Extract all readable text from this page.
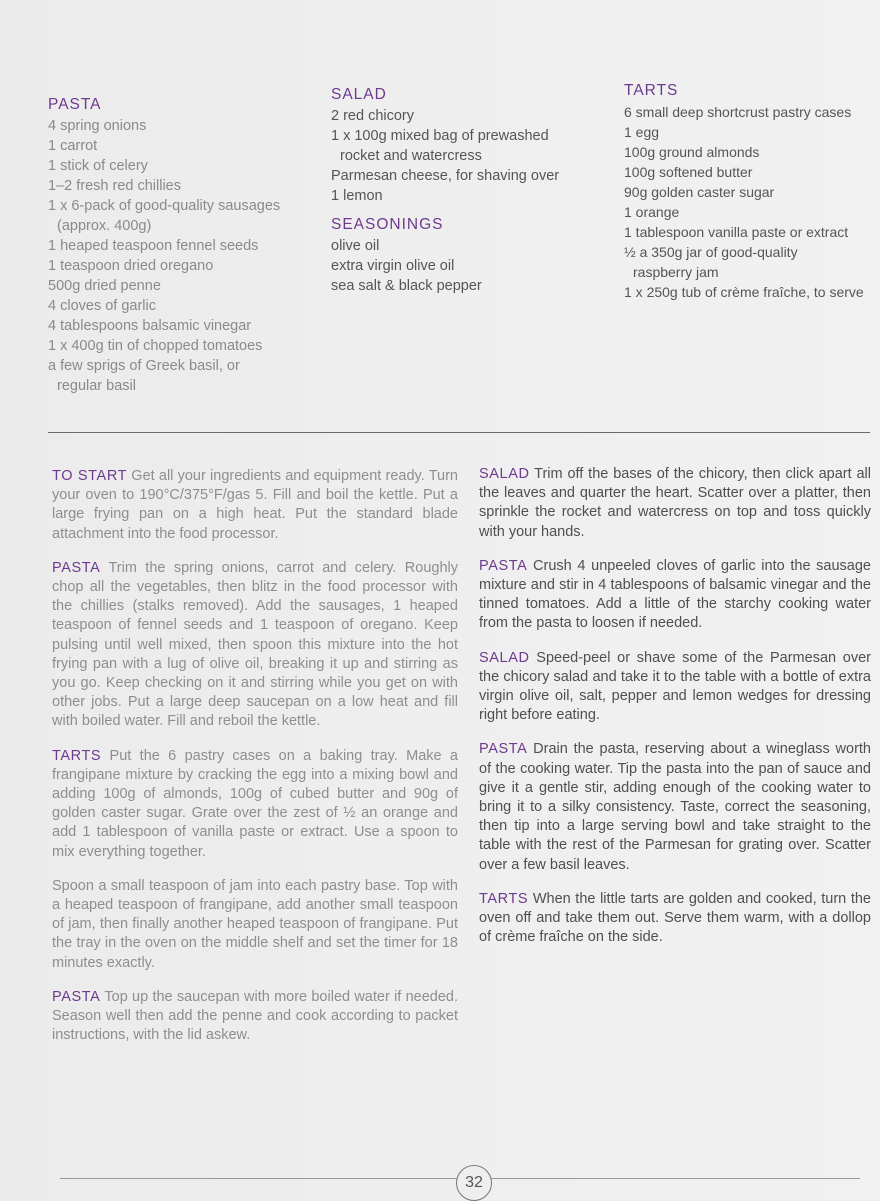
PASTA
4 spring onions
1 carrot
1 stick of celery
1–2 fresh red chillies
1 x 6-pack of good-quality sausages
(approx. 400g)
1 heaped teaspoon fennel seeds
1 teaspoon dried oregano
500g dried penne
4 cloves of garlic
4 tablespoons balsamic vinegar
1 x 400g tin of chopped tomatoes
a few sprigs of Greek basil, or
regular basil
SALAD
2 red chicory
1 x 100g mixed bag of prewashed
rocket and watercress
Parmesan cheese, for shaving over
1 lemon
SEASONINGS
olive oil
extra virgin olive oil
sea salt & black pepper
TARTS
6 small deep shortcrust pastry cases
1 egg
100g ground almonds
100g softened butter
90g golden caster sugar
1 orange
1 tablespoon vanilla paste or extract
½ a 350g jar of good-quality
raspberry jam
1 x 250g tub of crème fraîche, to serve

TO START Get all your ingredients and equipment ready. Turn your oven to 190°C/375°F/gas 5. Fill and boil the kettle. Put a large frying pan on a high heat. Put the standard blade attachment into the food processor.

PASTA Trim the spring onions, carrot and celery. Roughly chop all the vegetables, then blitz in the food processor with the chillies (stalks removed). Add the sausages, 1 heaped teaspoon of fennel seeds and 1 teaspoon of oregano. Keep pulsing until well mixed, then spoon this mixture into the hot frying pan with a lug of olive oil, breaking it up and stirring as you go. Keep checking on it and stirring while you get on with other jobs. Put a large deep saucepan on a low heat and fill with boiled water. Fill and reboil the kettle.

TARTS Put the 6 pastry cases on a baking tray. Make a frangipane mixture by cracking the egg into a mixing bowl and adding 100g of almonds, 100g of cubed butter and 90g of golden caster sugar. Grate over the zest of ½ an orange and add 1 tablespoon of vanilla paste or extract. Use a spoon to mix everything together.

Spoon a small teaspoon of jam into each pastry base. Top with a heaped teaspoon of frangipane, add another small teaspoon of jam, then finally another heaped teaspoon of frangipane. Put the tray in the oven on the middle shelf and set the timer for 18 minutes exactly.

PASTA Top up the saucepan with more boiled water if needed. Season well then add the penne and cook according to packet instructions, with the lid askew.

SALAD Trim off the bases of the chicory, then click apart all the leaves and quarter the heart. Scatter over a platter, then sprinkle the rocket and watercress on top and toss quickly with your hands.

PASTA Crush 4 unpeeled cloves of garlic into the sausage mixture and stir in 4 tablespoons of balsamic vinegar and the tinned tomatoes. Add a little of the starchy cooking water from the pasta to loosen if needed.

SALAD Speed-peel or shave some of the Parmesan over the chicory salad and take it to the table with a bottle of extra virgin olive oil, salt, pepper and lemon wedges for dressing right before eating.

PASTA Drain the pasta, reserving about a wineglass worth of the cooking water. Tip the pasta into the pan of sauce and give it a gentle stir, adding enough of the cooking water to bring it to a silky consistency. Taste, correct the seasoning, then tip into a large serving bowl and take straight to the table with the rest of the Parmesan for grating over. Scatter over a few basil leaves.

TARTS When the little tarts are golden and cooked, turn the oven off and take them out. Serve them warm, with a dollop of crème fraîche on the side.

32
